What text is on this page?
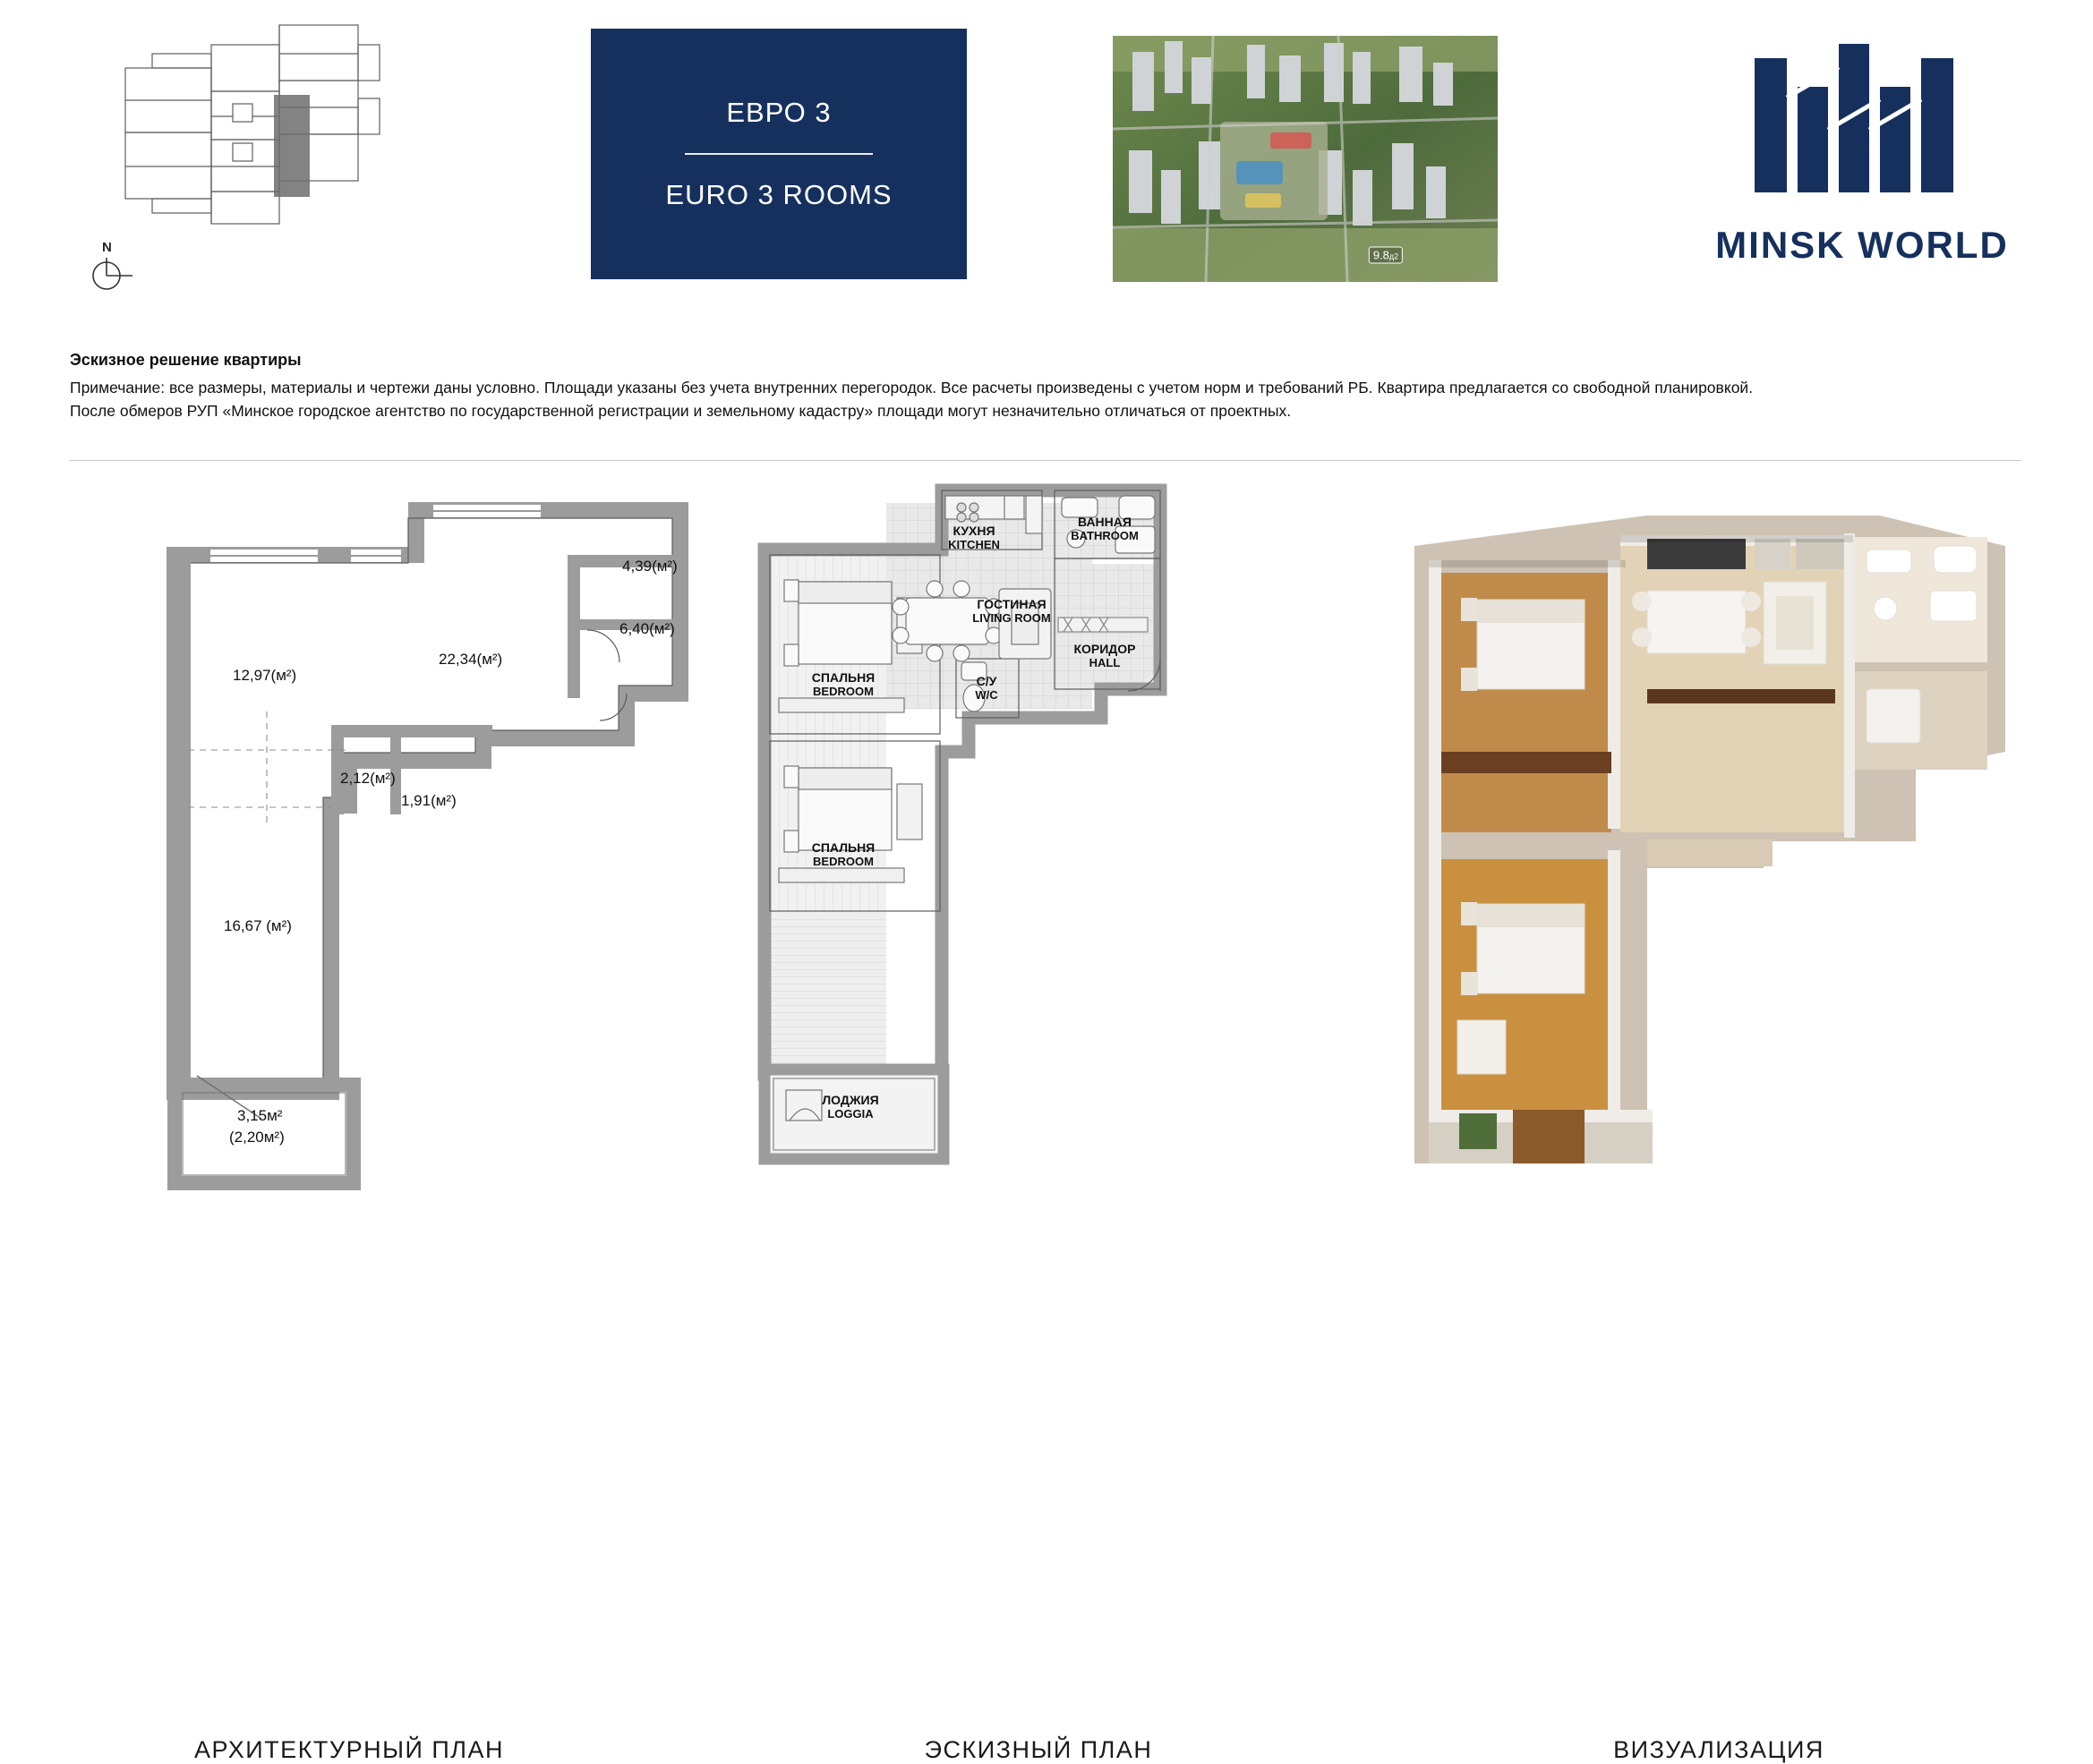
N
ЕВРО 3
EURO 3 ROOMS
9.8д2	MINSK WORLD
Эскизное решение квартиры

Примечание: все размеры, материалы и чертежи даны условно. Площади указаны без учета внутренних перегородок. Все расчеты произведены с учетом норм и требований РБ. Квартира предлагается со свободной планировкой.

После обмеров РУП «Минское городское агентство по государственной регистрации и земельному кадастру» площади могут незначительно отличаться от проектных.

12,97(м²)
22,34(м²)
4,39(м²)
6,40(м²)
2,12(м²)
1,91(м²)
16,67 (м²)
3,15м²
(2,20м²)
КУХНЯ
KITCHEN
ВАННАЯ
BATHROOM
ГОСТИНАЯ
LIVING ROOM
КОРИДОР
HALL
СПАЛЬНЯ
BEDROOM
С/У
W/C
СПАЛЬНЯ
BEDROOM
ЛОДЖИЯ
LOGGIA
АРХИТЕКТУРНЫЙ ПЛАН	ЭСКИЗНЫЙ ПЛАН	ВИЗУАЛИЗАЦИЯ
